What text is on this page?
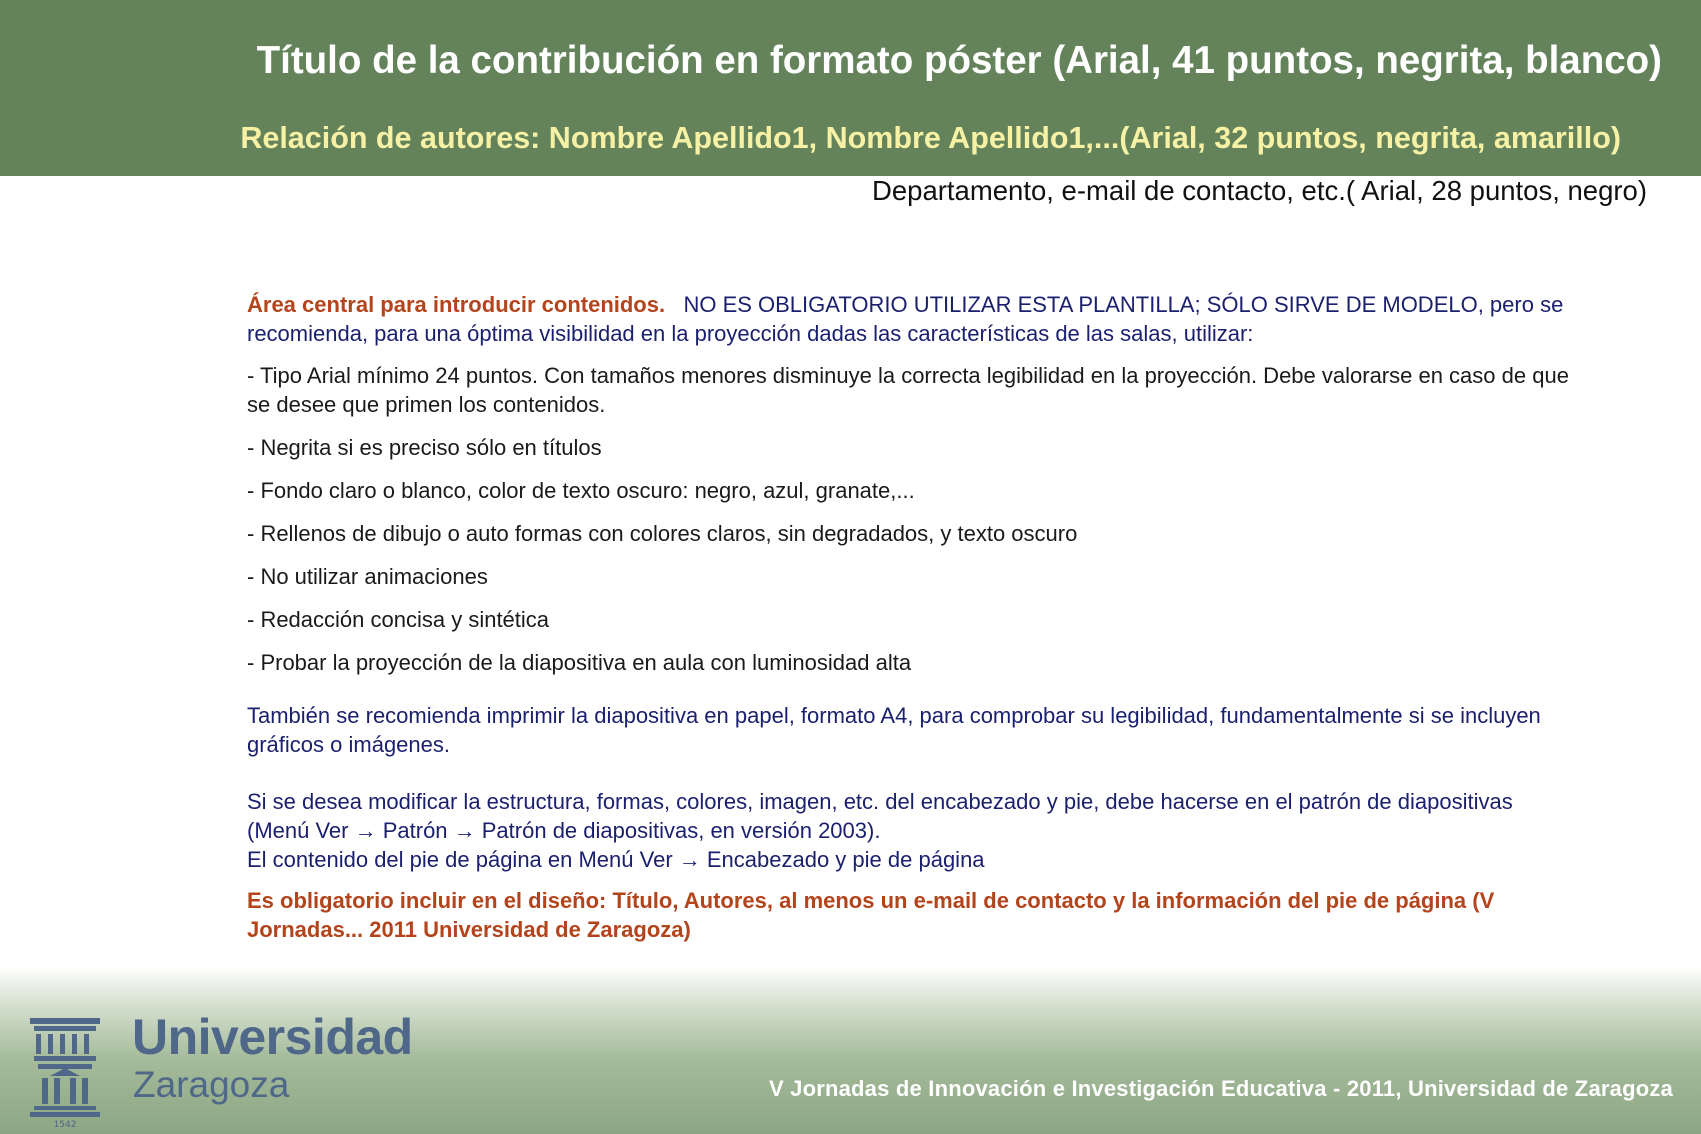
Título de la contribución en formato póster (Arial, 41 puntos, negrita, blanco)
Relación de autores: Nombre Apellido1, Nombre Apellido1,...(Arial, 32 puntos, negrita, amarillo)

Departamento, e-mail de contacto, etc.( Arial, 28 puntos, negro)

Área central para introducir contenidos. NO ES OBLIGATORIO UTILIZAR ESTA PLANTILLA; SÓLO SIRVE DE MODELO, pero se recomienda, para una óptima visibilidad en la proyección dadas las características de las salas, utilizar:

- Tipo Arial mínimo 24 puntos. Con tamaños menores disminuye la correcta legibilidad en la proyección. Debe valorarse en caso de que se desee que primen los contenidos.

- Negrita si es preciso sólo en títulos

- Fondo claro o blanco, color de texto oscuro: negro, azul, granate,...

- Rellenos de dibujo o auto formas con colores claros, sin degradados, y texto oscuro

- No utilizar animaciones

- Redacción concisa y sintética

- Probar la proyección de la diapositiva en aula con luminosidad alta

También se recomienda imprimir la diapositiva en papel, formato A4, para comprobar su legibilidad, fundamentalmente si se incluyen gráficos o imágenes.

Si se desea modificar la estructura, formas, colores, imagen, etc. del encabezado y pie, debe hacerse en el patrón de diapositivas (Menú Ver → Patrón → Patrón de diapositivas, en versión 2003).

El contenido del pie de página en Menú Ver → Encabezado y pie de página

Es obligatorio incluir en el diseño: Título, Autores, al menos un e-mail de contacto y la información del pie de página (V Jornadas... 2011 Universidad de Zaragoza)

1542

Universidad

Zaragoza	V Jornadas de Innovación e Investigación Educativa - 2011, Universidad de Zaragoza
